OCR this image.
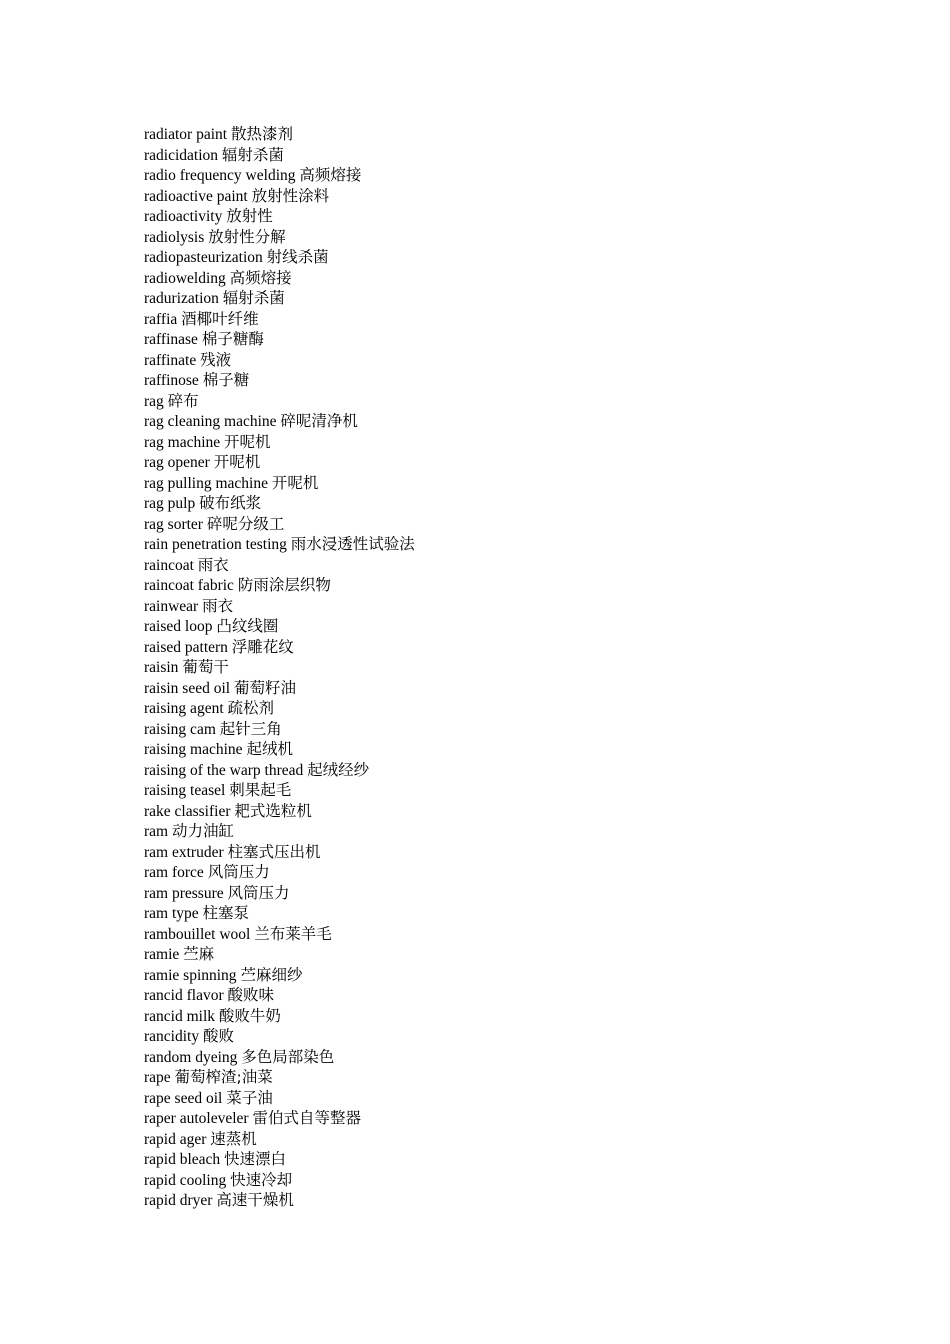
radiator paint 散热漆剂
radicidation 辐射杀菌
radio frequency welding 高频熔接
radioactive paint 放射性涂料
radioactivity 放射性
radiolysis 放射性分解
radiopasteurization 射线杀菌
radiowelding 高频熔接
radurization 辐射杀菌
raffia 酒椰叶纤维
raffinase 棉子糖酶
raffinate 残液
raffinose 棉子糖
rag 碎布
rag cleaning machine 碎呢清净机
rag machine 开呢机
rag opener 开呢机
rag pulling machine 开呢机
rag pulp 破布纸浆
rag sorter 碎呢分级工
rain penetration testing 雨水浸透性试验法
raincoat 雨衣
raincoat fabric 防雨涂层织物
rainwear 雨衣
raised loop 凸纹线圈
raised pattern 浮雕花纹
raisin 葡萄干
raisin seed oil 葡萄籽油
raising agent 疏松剂
raising cam 起针三角
raising machine 起绒机
raising of the warp thread 起绒经纱
raising teasel 刺果起毛
rake classifier 耙式选粒机
ram 动力油缸
ram extruder 柱塞式压出机
ram force 风筒压力
ram pressure 风筒压力
ram type 柱塞泵
rambouillet wool 兰布莱羊毛
ramie 苎麻
ramie spinning 苎麻细纱
rancid flavor 酸败味
rancid milk 酸败牛奶
rancidity 酸败
random dyeing 多色局部染色
rape 葡萄榨渣;油菜
rape seed oil 菜子油
raper autoleveler 雷伯式自等整器
rapid ager 速蒸机
rapid bleach 快速漂白
rapid cooling 快速冷却
rapid dryer 高速干燥机
